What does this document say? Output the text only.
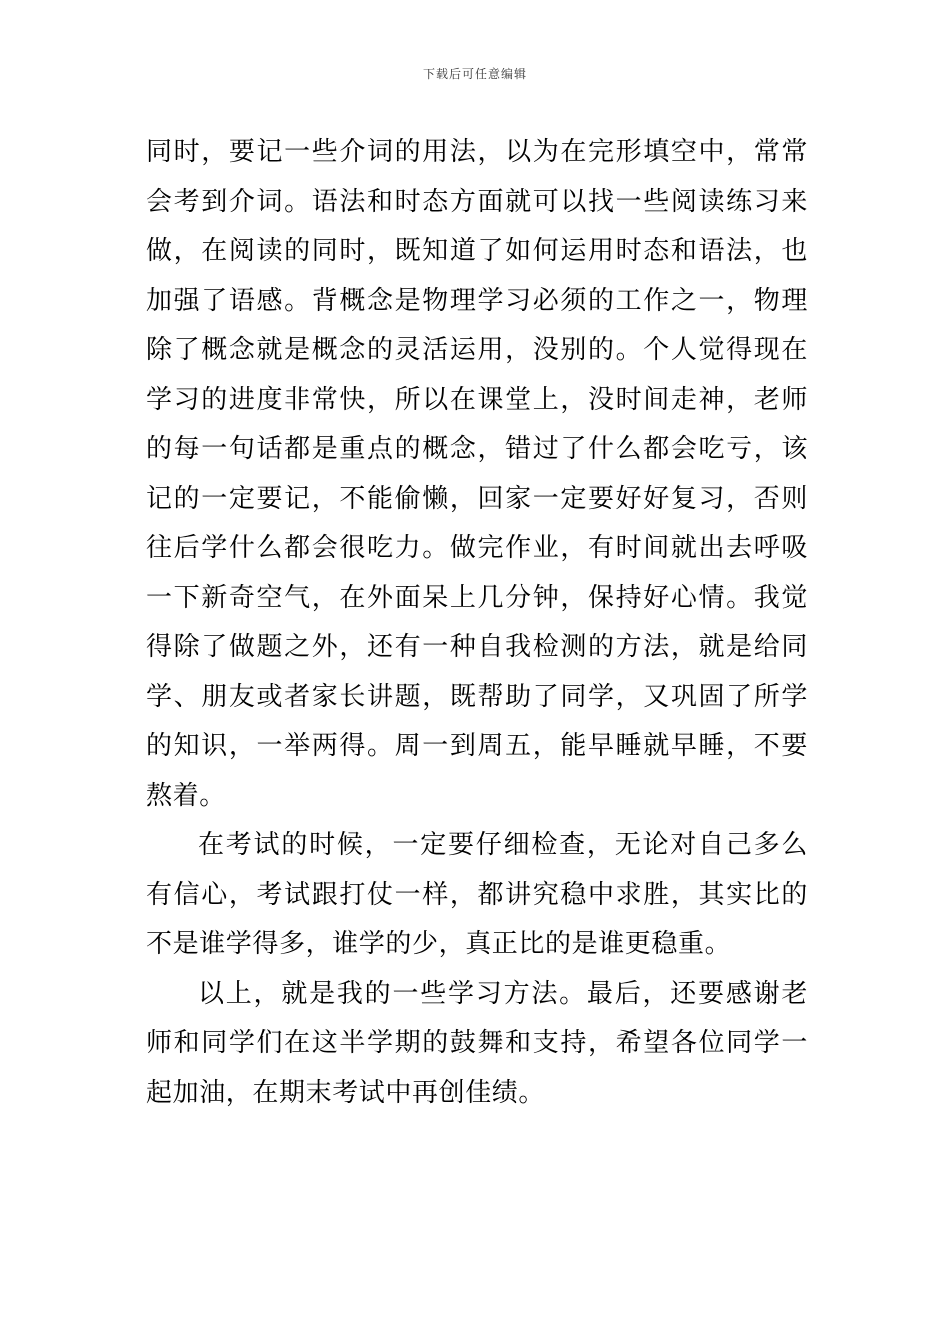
下载后可任意编辑

同时，要记一些介词的用法，以为在完形填空中，常常会考到介词。语法和时态方面就可以找一些阅读练习来做，在阅读的同时，既知道了如何运用时态和语法，也加强了语感。背概念是物理学习必须的工作之一，物理除了概念就是概念的灵活运用，没别的。个人觉得现在学习的进度非常快，所以在课堂上，没时间走神，老师的每一句话都是重点的概念，错过了什么都会吃亏，该记的一定要记，不能偷懒，回家一定要好好复习，否则往后学什么都会很吃力。做完作业，有时间就出去呼吸一下新奇空气，在外面呆上几分钟，保持好心情。我觉得除了做题之外，还有一种自我检测的方法，就是给同学、朋友或者家长讲题，既帮助了同学，又巩固了所学的知识，一举两得。周一到周五，能早睡就早睡，不要熬着。

在考试的时候，一定要仔细检查，无论对自己多么有信心，考试跟打仗一样，都讲究稳中求胜，其实比的不是谁学得多，谁学的少，真正比的是谁更稳重。

以上，就是我的一些学习方法。最后，还要感谢老师和同学们在这半学期的鼓舞和支持，希望各位同学一起加油，在期末考试中再创佳绩。
